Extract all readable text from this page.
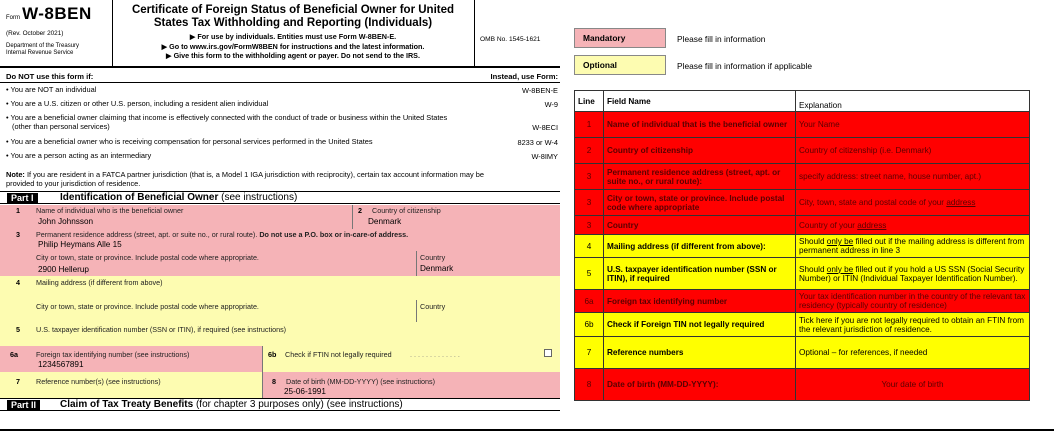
Form W-8BEN
(Rev. October 2021)
Department of the Treasury
Internal Revenue Service
Certificate of Foreign Status of Beneficial Owner for United
States Tax Withholding and Reporting (Individuals)
▶ For use by individuals. Entities must use Form W-8BEN-E.
▶ Go to www.irs.gov/FormW8BEN for instructions and the latest information.
▶ Give this form to the withholding agent or payer. Do not send to the IRS.
OMB No. 1545-1621
Do NOT use this form if:	Instead, use Form:
• You are NOT an individual	W-8BEN-E
• You are a U.S. citizen or other U.S. person, including a resident alien individual	W-9
• You are a beneficial owner claiming that income is effectively connected with the conduct of trade or business within the United States
(other than personal services)	W-8ECI
• You are a beneficial owner who is receiving compensation for personal services performed in the United States	8233 or W-4
• You are a person acting as an intermediary	W-8IMY
Note: If you are resident in a FATCA partner jurisdiction (that is, a Model 1 IGA jurisdiction with reciprocity), certain tax account information may be
provided to your jurisdiction of residence.
Part I	Identification of Beneficial Owner (see instructions)
1 Name of individual who is the beneficial owner
John Johnsson
2 Country of citizenship
Denmark
3 Permanent residence address (street, apt. or suite no., or rural route). Do not use a P.O. box or in-care-of address.
Philip Heymans Alle 15
City or town, state or province. Include postal code where appropriate.
2900 Hellerup
Country
Denmark
4 Mailing address (if different from above)
City or town, state or province. Include postal code where appropriate.	Country
5 U.S. taxpayer identification number (SSN or ITIN), if required (see instructions)
6a	Foreign tax identifying number (see instructions)
1234567891
6b Check if FTIN not legally required	. . . . . . . . . . . . .
7 Reference number(s) (see instructions)	8 Date of birth (MM-DD-YYYY) (see instructions)
25-06-1991
Part II	Claim of Tax Treaty Benefits (for chapter 3 purposes only) (see instructions)
Mandatory	Please fill in information
Optional	Please fill in information if applicable
Line	Field Name	Explanation
1	Name of individual that is the beneficial owner	Your Name
2	Country of citizenship	Country of citizenship (i.e. Denmark)
3	Permanent residence address (street, apt. or suite no., or rural route):	specify address: street name, house number, apt.)
3	City or town, state or province. Include postal code where appropriate	City, town, state and postal code of your address
3	Country	Country of your address
4	Mailing address (if different from above):	Should only be filled out if the mailing address is different from permanent address in line 3
5	U.S. taxpayer identification number (SSN or ITIN), if required	Should only be filled out if you hold a US SSN (Social Security Number) or ITIN (Individual Taxpayer Identification Number).
6a	Foreign tax identifying number	Your tax identification number in the country of the relevant tax residency (typically country of residence)
6b	Check if Foreign TIN not legally required	Tick here if you are not legally required to obtain an FTIN from the relevant jurisdiction of residence.
7	Reference numbers	Optional – for references, if needed
8	Date of birth (MM-DD-YYYY):	Your date of birth
